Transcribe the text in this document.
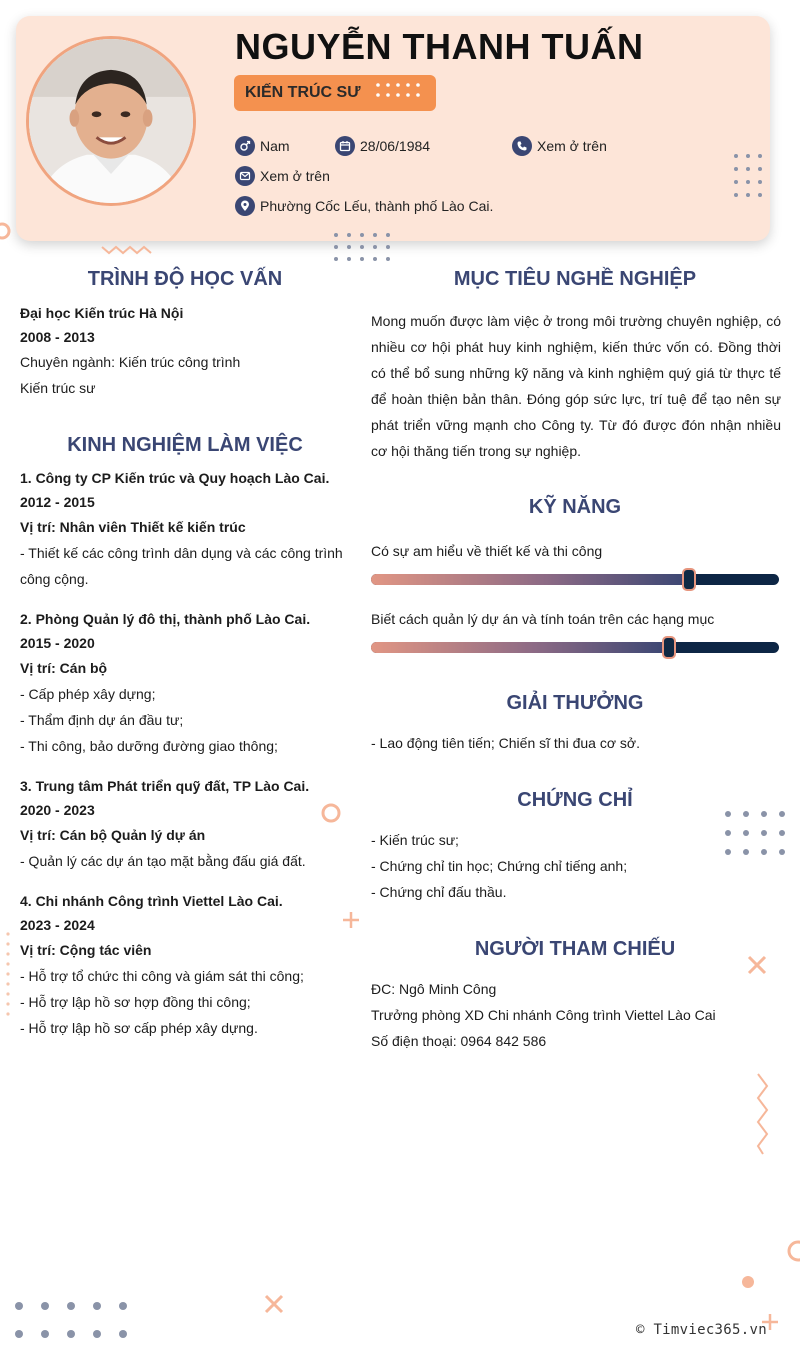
NGUYỄN THANH TUẤN
KIẾN TRÚC SƯ
Nam	28/06/1984	Xem ở trên
Xem ở trên
Phường Cốc Lếu, thành phố Lào Cai.
TRÌNH ĐỘ HỌC VẤN
Đại học Kiến trúc Hà Nội
2008 - 2013
Chuyên ngành: Kiến trúc công trình
Kiến trúc sư
KINH NGHIỆM LÀM VIỆC
1. Công ty CP Kiến trúc và Quy hoạch Lào Cai.
2012 - 2015
Vị trí: Nhân viên Thiết kế kiến trúc
- Thiết kế các công trình dân dụng và các công trình
công cộng.
2. Phòng Quản lý đô thị, thành phố Lào Cai.
2015 - 2020
Vị trí: Cán bộ
- Cấp phép xây dựng;
- Thẩm định dự án đầu tư;
- Thi công, bảo dưỡng đường giao thông;
3. Trung tâm Phát triển quỹ đất, TP Lào Cai.
2020 - 2023
Vị trí: Cán bộ Quản lý dự án
- Quản lý các dự án tạo mặt bằng đấu giá đất.
4. Chi nhánh Công trình Viettel Lào Cai.
2023 - 2024
Vị trí: Cộng tác viên
- Hỗ trợ tổ chức thi công và giám sát thi công;
- Hỗ trợ lập hồ sơ hợp đồng thi công;
- Hỗ trợ lập hồ sơ cấp phép xây dựng.
MỤC TIÊU NGHỀ NGHIỆP
Mong muốn được làm việc ở trong môi trường chuyên nghiệp, có nhiều cơ hội phát huy kinh nghiệm, kiến thức vốn có. Đồng thời có thể bổ sung những kỹ năng và kinh nghiệm quý giá từ thực tế để hoàn thiện bản thân. Đóng góp sức lực, trí tuệ để tạo nên sự phát triển vững mạnh cho Công ty. Từ đó được đón nhận nhiều cơ hội thăng tiến trong sự nghiệp.
KỸ NĂNG
Có sự am hiểu về thiết kế và thi công
Biết cách quản lý dự án và tính toán trên các hạng mục
GIẢI THƯỞNG
- Lao động tiên tiến; Chiến sĩ thi đua cơ sở.
CHỨNG CHỈ
- Kiến trúc sư;
- Chứng chỉ tin học; Chứng chỉ tiếng anh;
- Chứng chỉ đấu thầu.
NGƯỜI THAM CHIẾU
ĐC: Ngô Minh Công
Trưởng phòng XD Chi nhánh Công trình Viettel Lào Cai
Số điện thoại: 0964 842 586
© Timviec365.vn
